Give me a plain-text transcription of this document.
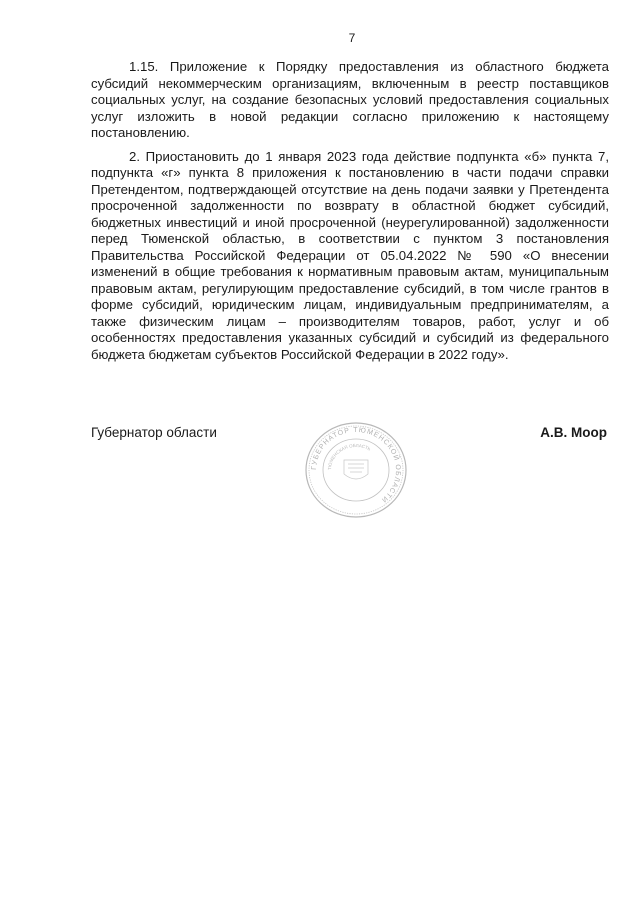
7

1.15. Приложение к Порядку предоставления из областного бюджета субсидий некоммерческим организациям, включенным в реестр поставщиков социальных услуг, на создание безопасных условий предоставления социальных услуг изложить в новой редакции согласно приложению к настоящему постановлению.

2. Приостановить до 1 января 2023 года действие подпункта «б» пункта 7, подпункта «г» пункта 8 приложения к постановлению в части подачи справки Претендентом, подтверждающей отсутствие на день подачи заявки у Претендента просроченной задолженности по возврату в областной бюджет субсидий, бюджетных инвестиций и иной просроченной (неурегулированной) задолженности перед Тюменской областью, в соответствии с пунктом 3 постановления Правительства Российской Федерации от 05.04.2022 № 590 «О внесении изменений в общие требования к нормативным правовым актам, муниципальным правовым актам, регулирующим предоставление субсидий, в том числе грантов в форме субсидий, юридическим лицам, индивидуальным предпринимателям, а также физическим лицам – производителям товаров, работ, услуг и об особенностях предоставления указанных субсидий и субсидий из федерального бюджета бюджетам субъектов Российской Федерации в 2022 году».

Губернатор области	А.В. Моор
ГУБЕРНАТОР ТЮМЕНСКОЙ ОБЛАСТИ
ТЮМЕНСКАЯ ОБЛАСТЬ
